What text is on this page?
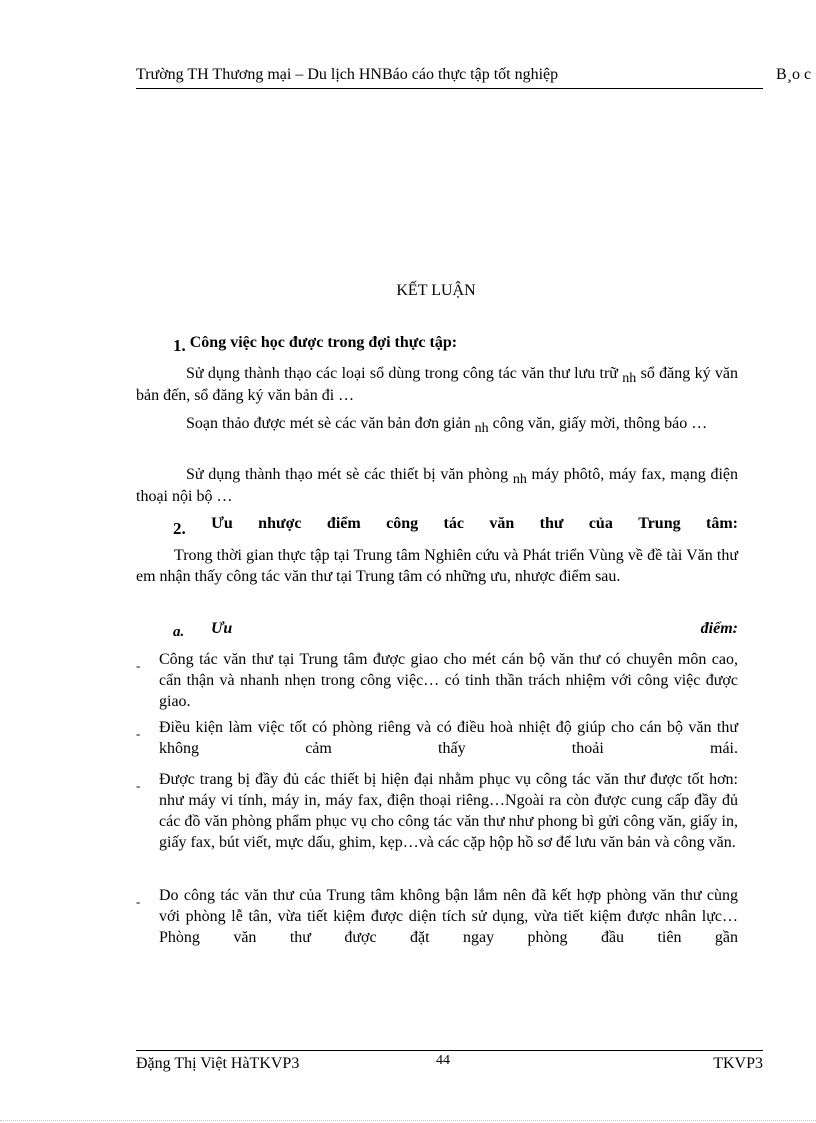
Trường TH Thương mại – Du lịch HNBáo cáo thực tập tốt nghiệp	B¸o c
KẾT LUẬN
1. Công việc học được trong đợi thực tập:
Sử dụng thành thạo các loại sổ dùng trong công tác văn thư lưu trữ nh sổ đăng ký văn bản đến, sổ đăng ký văn bản đi …
Soạn thảo được mét sè các văn bản đơn giản nh công văn, giấy mời, thông báo …
Sử dụng thành thạo mét sè các thiết bị văn phòng nh máy phôtô, máy fax, mạng điện thoại nội bộ …
2. Ưu nhược điểm công tác văn thư của Trung tâm:
Trong thời gian thực tập tại Trung tâm Nghiên cứu và Phát triển Vùng về đề tài Văn thư em nhận thấy công tác văn thư tại Trung tâm có những ưu, nhược điểm sau.
a. Ưu	điểm:
- Công tác văn thư tại Trung tâm được giao cho mét cán bộ văn thư có chuyên môn cao, cẩn thận và nhanh nhẹn trong công việc… có tinh thần trách nhiệm với công việc được giao.
- Điều kiện làm việc tốt có phòng riêng và có điều hoà nhiệt độ giúp cho cán bộ văn thư không cảm thấy thoải mái.
- Được trang bị đầy đủ các thiết bị hiện đại nhằm phục vụ công tác văn thư được tốt hơn: như máy vi tính, máy in, máy fax, điện thoại riêng…Ngoài ra còn được cung cấp đầy đủ các đồ văn phòng phẩm phục vụ cho công tác văn thư như phong bì gửi công văn, giấy in, giấy fax, bút viết, mực dấu, ghim, kẹp…và các cặp hộp hồ sơ để lưu văn bản và công văn.
- Do công tác văn thư của Trung tâm không bận lắm nên đã kết hợp phòng văn thư cùng với phòng lễ tân, vừa tiết kiệm được diện tích sử dụng, vừa tiết kiệm được nhân lực…Phòng văn thư được đặt ngay phòng đầu tiên gần
Đặng Thị Việt HàTKVP3	44	TKVP3
